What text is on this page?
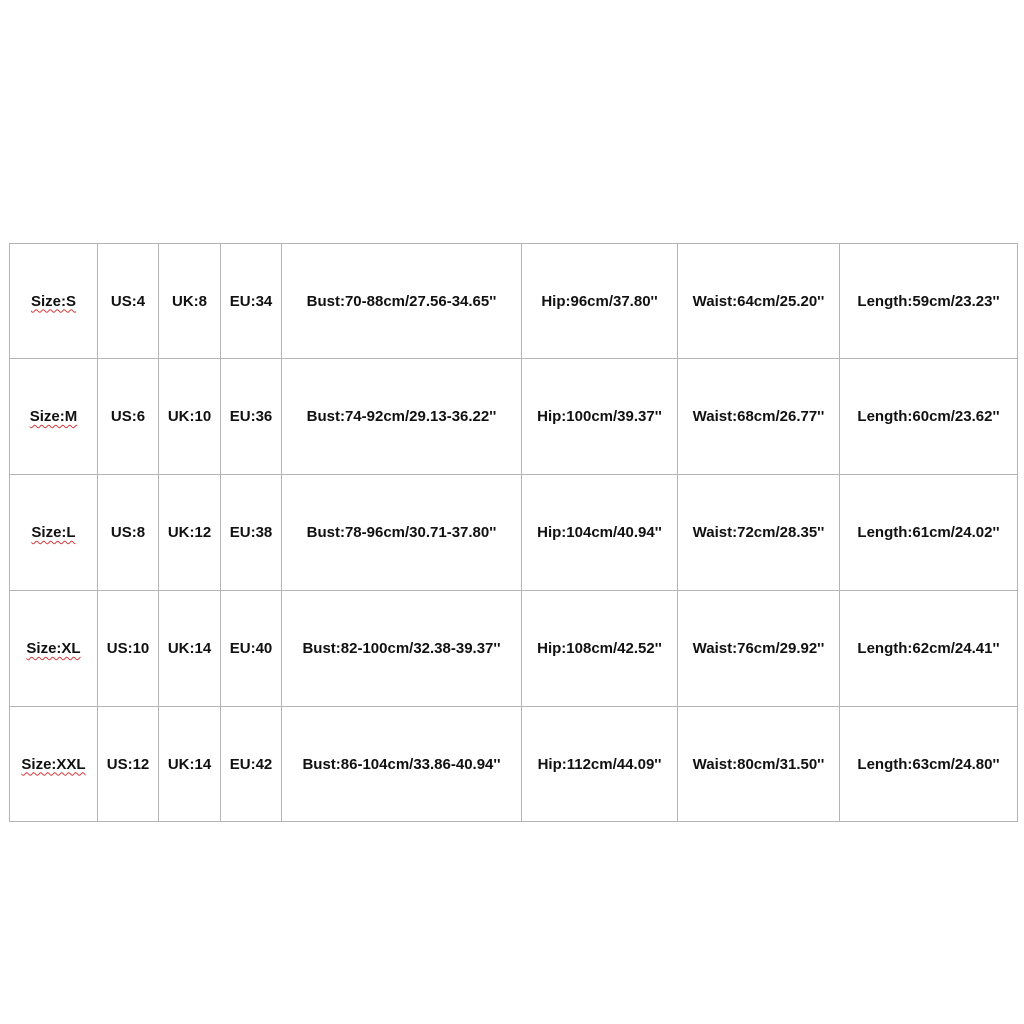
Size:S	US:4	UK:8	EU:34	Bust:70-88cm/27.56-34.65''	Hip:96cm/37.80''	Waist:64cm/25.20''	Length:59cm/23.23''
Size:M	US:6	UK:10	EU:36	Bust:74-92cm/29.13-36.22''	Hip:100cm/39.37''	Waist:68cm/26.77''	Length:60cm/23.62''
Size:L	US:8	UK:12	EU:38	Bust:78-96cm/30.71-37.80''	Hip:104cm/40.94''	Waist:72cm/28.35''	Length:61cm/24.02''
Size:XL	US:10	UK:14	EU:40	Bust:82-100cm/32.38-39.37''	Hip:108cm/42.52''	Waist:76cm/29.92''	Length:62cm/24.41''
Size:XXL	US:12	UK:14	EU:42	Bust:86-104cm/33.86-40.94''	Hip:112cm/44.09''	Waist:80cm/31.50''	Length:63cm/24.80''
